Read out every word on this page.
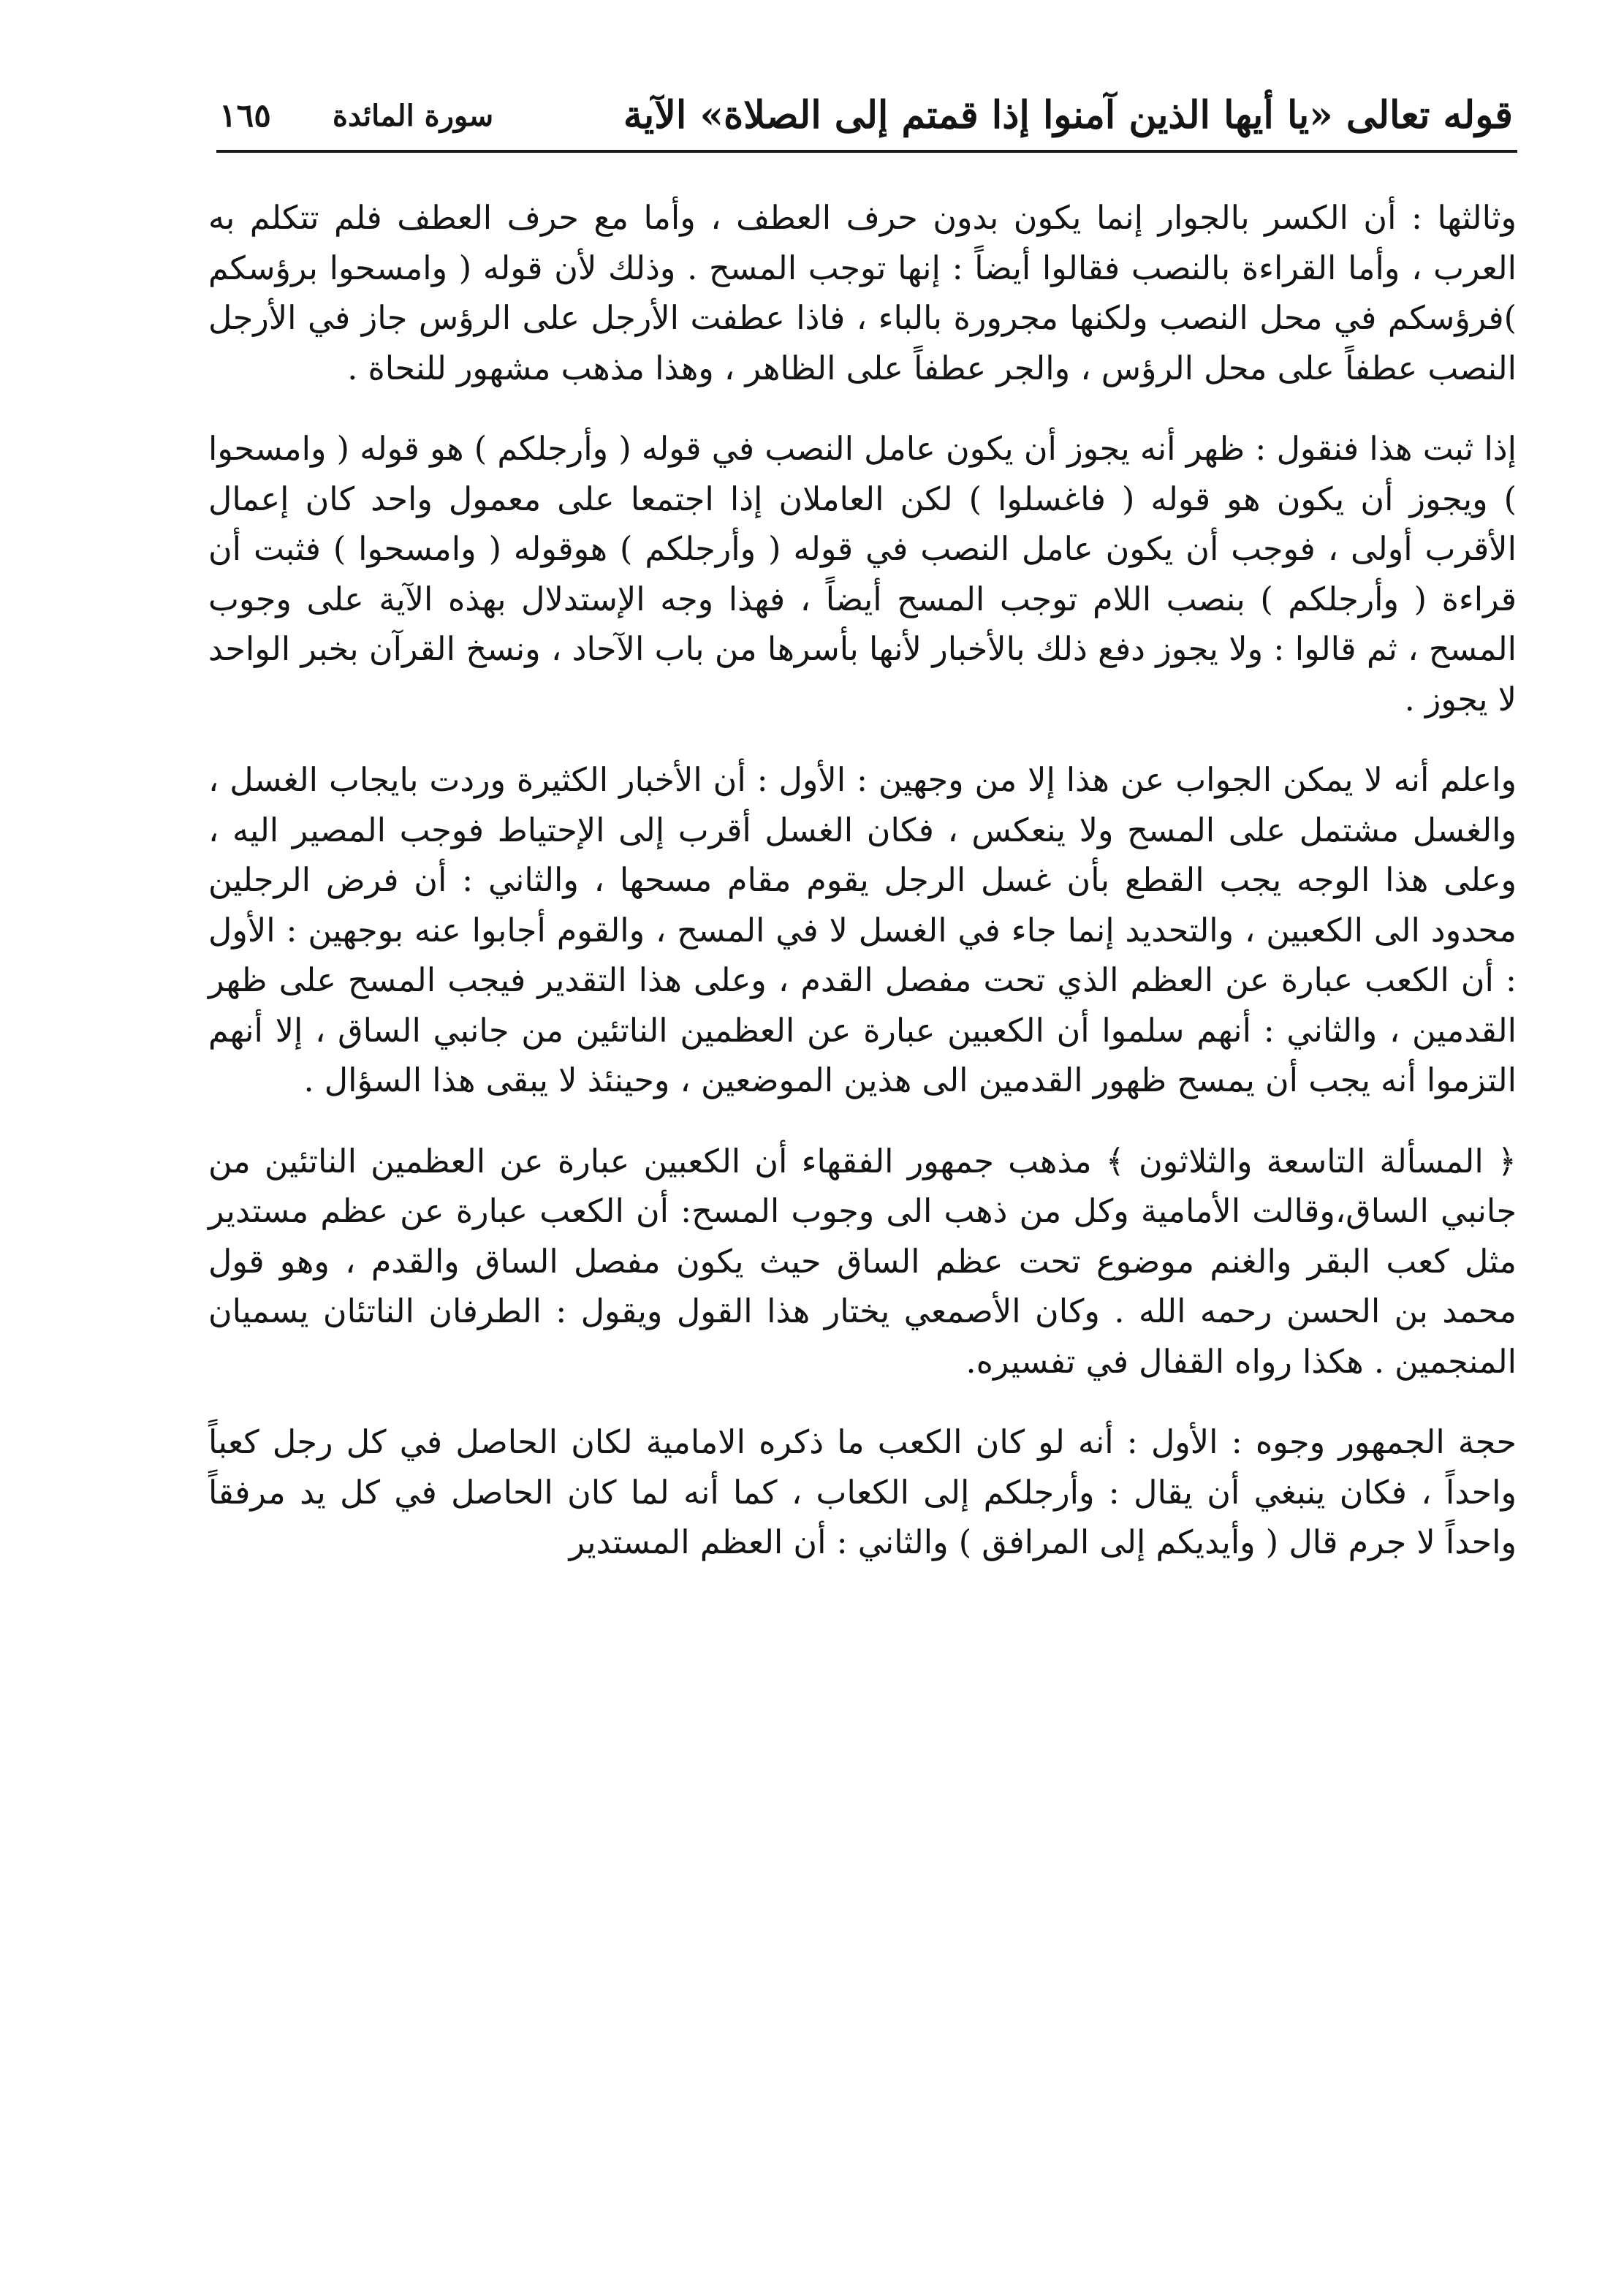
قوله تعالى «يا أيها الذين آمنوا إذا قمتم إلى الصلاة» الآية
سورة المائدة
١٦٥

وثالثها : أن الكسر بالجوار إنما يكون بدون حرف العطف ، وأما مع حرف العطف فلم تتكلم به العرب ، وأما القراءة بالنصب فقالوا أيضاً : إنها توجب المسح . وذلك لأن قوله ( وامسحوا برؤسكم )فرؤسكم في محل النصب ولكنها مجرورة بالباء ، فاذا عطفت الأرجل على الرؤس جاز في الأرجل النصب عطفاً على محل الرؤس ، والجر عطفاً على الظاهر ، وهذا مذهب مشهور للنحاة .

إذا ثبت هذا فنقول : ظهر أنه يجوز أن يكون عامل النصب في قوله ( وأرجلكم ) هو قوله ( وامسحوا ) ويجوز أن يكون هو قوله ( فاغسلوا ) لكن العاملان إذا اجتمعا على معمول واحد كان إعمال الأقرب أولى ، فوجب أن يكون عامل النصب في قوله ( وأرجلكم ) هوقوله ( وامسحوا ) فثبت أن قراءة ( وأرجلكم ) بنصب اللام توجب المسح أيضاً ، فهذا وجه الإستدلال بهذه الآية على وجوب المسح ، ثم قالوا : ولا يجوز دفع ذلك بالأخبار لأنها بأسرها من باب الآحاد ، ونسخ القرآن بخبر الواحد لا يجوز .

واعلم أنه لا يمكن الجواب عن هذا إلا من وجهين : الأول : أن الأخبار الكثيرة وردت بايجاب الغسل ، والغسل مشتمل على المسح ولا ينعكس ، فكان الغسل أقرب إلى الإحتياط فوجب المصير اليه ، وعلى هذا الوجه يجب القطع بأن غسل الرجل يقوم مقام مسحها ، والثاني : أن فرض الرجلين محدود الى الكعبين ، والتحديد إنما جاء في الغسل لا في المسح ، والقوم أجابوا عنه بوجهين : الأول : أن الكعب عبارة عن العظم الذي تحت مفصل القدم ، وعلى هذا التقدير فيجب المسح على ظهر القدمين ، والثاني : أنهم سلموا أن الكعبين عبارة عن العظمين الناتئين من جانبي الساق ، إلا أنهم التزموا أنه يجب أن يمسح ظهور القدمين الى هذين الموضعين ، وحينئذ لا يبقى هذا السؤال .

﴿ المسألة التاسعة والثلاثون ﴾ مذهب جمهور الفقهاء أن الكعبين عبارة عن العظمين الناتئين من جانبي الساق،وقالت الأمامية وكل من ذهب الى وجوب المسح: أن الكعب عبارة عن عظم مستدير مثل كعب البقر والغنم موضوع تحت عظم الساق حيث يكون مفصل الساق والقدم ، وهو قول محمد بن الحسن رحمه الله . وكان الأصمعي يختار هذا القول ويقول : الطرفان الناتئان يسميان المنجمين . هكذا رواه القفال في تفسيره.

حجة الجمهور وجوه : الأول : أنه لو كان الكعب ما ذكره الامامية لكان الحاصل في كل رجل كعباً واحداً ، فكان ينبغي أن يقال : وأرجلكم إلى الكعاب ، كما أنه لما كان الحاصل في كل يد مرفقاً واحداً لا جرم قال ( وأيديكم إلى المرافق ) والثاني : أن العظم المستدير
